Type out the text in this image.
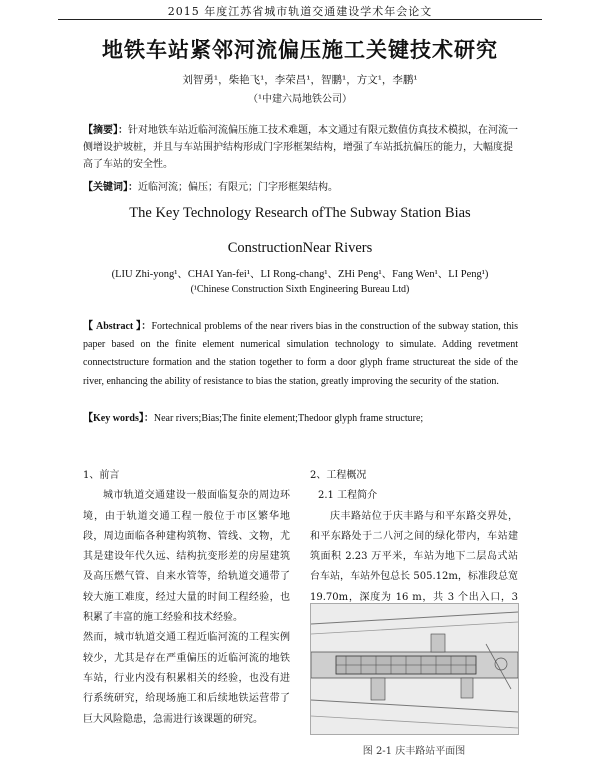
2015 年度江苏省城市轨道交通建设学术年会论文
地铁车站紧邻河流偏压施工关键技术研究
刘智勇¹，柴艳飞¹，李荣昌¹，智鹏¹，方文¹，李鹏¹
（¹中建六局地铁公司）
【摘要】：针对地铁车站近临河流偏压施工技术难题，本文通过有限元数值仿真技术模拟，在河流一侧增设护坡桩，并且与车站围护结构形成门字形框架结构，增强了车站抵抗偏压的能力，大幅度提高了车站的安全性。
【关键词】：近临河流；偏压；有限元；门字形框架结构。
The Key Technology Research ofThe Subway Station Bias
ConstructionNear Rivers
(LIU Zhi-yong¹、CHAI Yan-fei¹、LI Rong-chang¹、ZHi Peng¹、Fang Wen¹、LI Peng¹)
(¹Chinese Construction Sixth Engineering Bureau Ltd)
【 Abstract 】：Fortechnical problems of the near rivers bias in the construction of the subway station, this paper based on the finite element numerical simulation technology to simulate. Adding revetment connectstructure formation and the station together to form a door glyph frame structureat the side of the river, enhancing the ability of resistance to bias the station, greatly improving the security of the station.
【Key words】：Near rivers;Bias;The finite element;Thedoor glyph frame structure;

1、前言

城市轨道交通建设一般面临复杂的周边环境，由于轨道交通工程一般位于市区繁华地段，周边面临各种建构筑物、管线、文物，尤其是建设年代久远、结构抗变形差的房屋建筑及高压燃气管、自来水管等，给轨道交通带了较大施工难度，经过大量的时间工程经验，也积累了丰富的施工经验和技术经验。

然而，城市轨道交通工程近临河流的工程实例较少，尤其是存在严重偏压的近临河流的地铁车站，行业内没有积累相关的经验，也没有进行系统研究，给现场施工和后续地铁运营带了巨大风险隐患，急需进行该课题的研究。

2、工程概况

2.1 工程简介

庆丰路站位于庆丰路与和平东路交界处，和平东路处于二八河之间的绿化带内，车站建筑面积 2.23 万平米，车站为地下二层岛式站台车站，车站外包总长 505.12m，标准段总宽 19.70m，深度为 16 m，共 3 个出入口，3

图 2-1 庆丰路站平面图
